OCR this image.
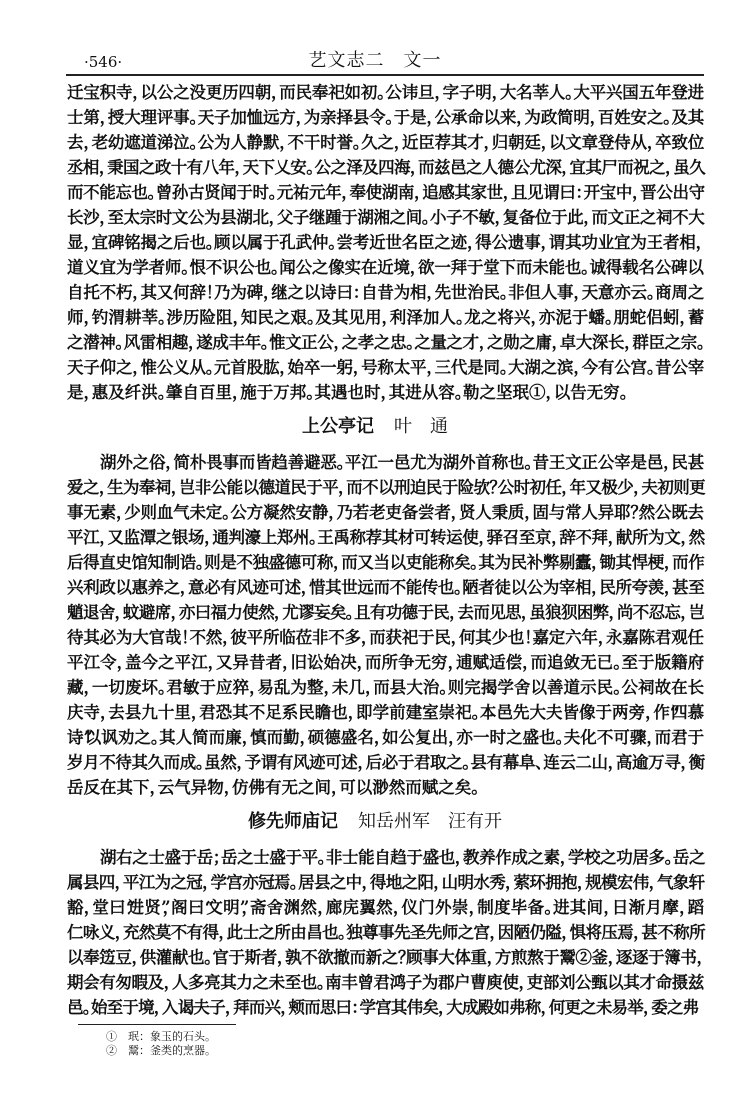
·546·	艺文志二　文一
迁宝积寺，以公之没更历四朝，而民奉祀如初。公讳旦，字子明，大名莘人。大平兴国五年登进
士第，授大理评事。天子加恤远方，为亲择县令。于是，公承命以来，为政简明，百姓安之。及其
去，老幼遮道涕泣。公为人静默，不干时誉。久之，近臣荐其才，归朝廷，以文章登侍从，卒致位
丞相，秉国之政十有八年，天下乂安。公之泽及四海，而兹邑之人德公尤深，宜其尸而祝之，虽久
而不能忘也。曾孙古贤闻于时。元祐元年，奉使湖南，追感其家世，且见谓曰：开宝中，晋公出守
长沙，至太宗时文公为县湖北，父子继踵于湖湘之间。小子不敏，复备位于此，而文正之祠不大
显，宜碑铭揭之后也。顾以属于孔武仲。尝考近世名臣之迹，得公遗事，谓其功业宜为王者相，
道义宜为学者师。恨不识公也。闻公之像实在近境，欲一拜于堂下而未能也。诚得载名公碑以
自托不朽，其又何辞！乃为碑，继之以诗曰：自昔为相，先世治民。非但人事，天意亦云。商周之
师，钓渭耕莘。涉历险阻，知民之艰。及其见用，利泽加人。龙之将兴，亦泥于蟠。朋蛇侣蚓，蓄
之潜神。风雷相趣，遂成丰年。惟文正公，之孝之忠。之量之才，之勋之庸，卓大深长，群臣之宗。
天子仰之，惟公义从。元首股肱，始卒一躬，号称太平，三代是同。大湖之滨，今有公宫。昔公宰
是，惠及纤洪。肇自百里，施于万邦。其遇也时，其进从容。勒之坚珉①，以告无穷。
上公亭记 叶　通
湖外之俗，简朴畏事而皆趋善避恶。平江一邑尤为湖外首称也。昔王文正公宰是邑，民甚
爱之，生为奉祠，岂非公能以德道民于平，而不以刑迫民于险欤？公时初任，年又极少，夫初则更
事无素，少则血气未定。公方凝然安静，乃若老吏备尝者，贤人秉质，固与常人异耶？然公既去
平江，又监潭之银场，通判濠上郑州。王禹称荐其材可转运使，驿召至京，辞不拜，献所为文，然
后得直史馆知制诰。则是不独盛德可称，而又当以吏能称矣。其为民补弊剔蠹，锄其悍梗，而作
兴利政以惠养之，意必有风迹可述，惜其世远而不能传也。陋者徒以公为宰相，民所夸羡，甚至
魈退舍，蚊避席，亦曰福力使然，尤谬妄矣。且有功德于民，去而见思，虽狼狈困弊，尚不忍忘，岂
待其必为大官哉！不然，彼平所临莅非不多，而获祀于民，何其少也！嘉定六年，永嘉陈君观任
平江令，盖今之平江，又异昔者，旧讼始决，而所争无穷，逋赋适偿，而追敛无已。至于版籍府
藏，一切废坏。君敏于应猝，易乱为整，未几，而县大治。则完揭学舍以善道示民。公祠故在长
庆寺，去县九十里，君恐其不足系民瞻也，即学前建室崇祀。本邑先大夫皆像于两旁，作“四慕
诗”以讽劝之。其人简而廉，慎而勤，硕德盛名，如公复出，亦一时之盛也。夫化不可骤，而君于
岁月不待其久而成。虽然，予谓有风迹可述，后必于君取之。县有幕阜、连云二山，高逾万寻，衡
岳反在其下，云气异物，仿佛有无之间，可以渺然而赋之矣。
修先师庙记 知岳州军　汪有开
湖右之士盛于岳；岳之士盛于平。非士能自趋于盛也，教养作成之素，学校之功居多。岳之
属县四，平江为之冠，学宫亦冠焉。居县之中，得地之阳，山明水秀，萦环拥抱，规模宏伟，气象轩
豁，堂曰“进贤”，阁曰“文明”，斋舍渊然，廊庑翼然，仪门外崇，制度毕备。进其间，日渐月摩，蹈
仁咏义，充然莫不有得，此士之所由昌也。独尊事先圣先师之宫，因陋仍隘，惧将压焉，甚不称所
以奉笾豆，供灌献也。官于斯者，孰不欲撤而新之？顾事大体重，方煎熬于鬵②釜，逐逐于簿书，
期会有匆暇及，人多亮其力之未至也。南丰曾君鸿子为郡户曹庾使，吏部刘公甄以其才命摄兹
邑。始至于境，入谒夫子，拜而兴，颊而思曰：学宫其伟矣，大成殿如弗称，何更之未易举，委之弗
①　珉：象玉的石头。
②　鬵：釜类的烹器。
